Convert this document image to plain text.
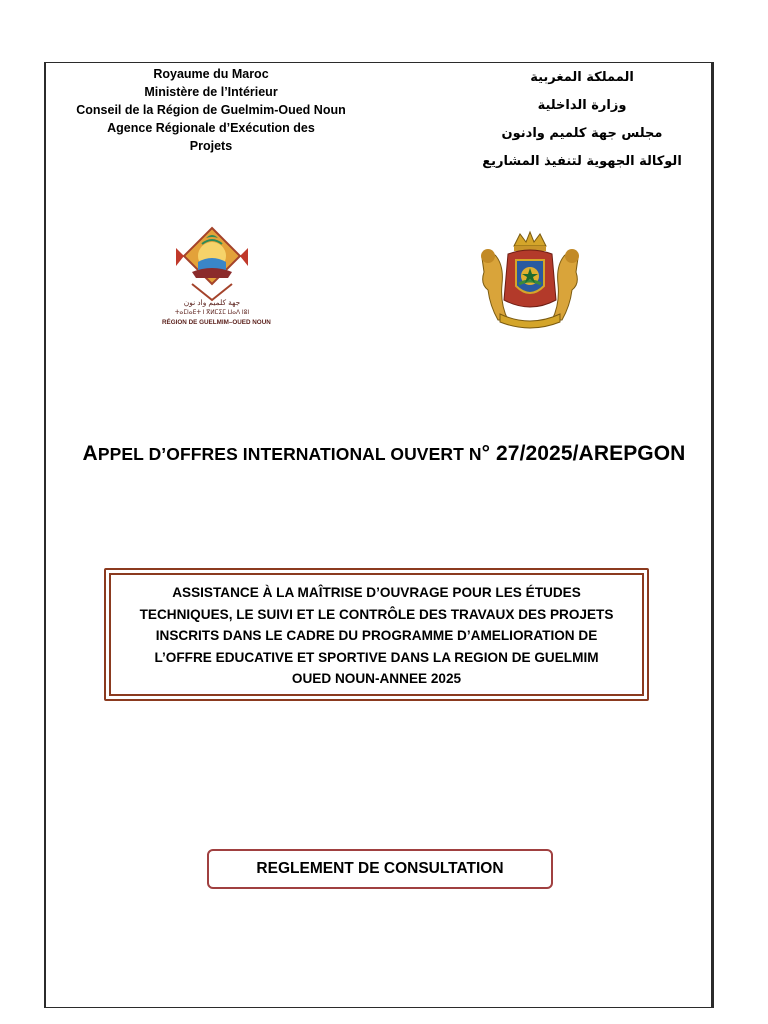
Royaume du Maroc
Ministère de l’Intérieur
Conseil de la Région de Guelmim-Oued Noun
Agence Régionale d’Exécution des
Projets
المملكة المغربية
وزارة الداخلية
مجلس جهة كلميم وادنون
الوكالة الجهوية لتنفيذ المشاريع
جهة كلميم واد نون
ⵜⴰⵎⵏⴰⴹⵜ ⵏ ⴳⵍⵎⵉⵎ ⵡⴰⴷ ⵏⵓⵏ
RÉGION DE GUELMIM–OUED NOUN
APPEL D’OFFRES INTERNATIONAL OUVERT N° 27/2025/AREPGON
ASSISTANCE À LA MAÎTRISE D’OUVRAGE POUR LES ÉTUDES
TECHNIQUES, LE SUIVI ET LE CONTRÔLE DES TRAVAUX DES PROJETS
INSCRITS DANS LE CADRE DU PROGRAMME D’AMELIORATION DE
L’OFFRE EDUCATIVE ET SPORTIVE DANS LA REGION DE GUELMIM
OUED NOUN-ANNEE 2025
REGLEMENT DE CONSULTATION
